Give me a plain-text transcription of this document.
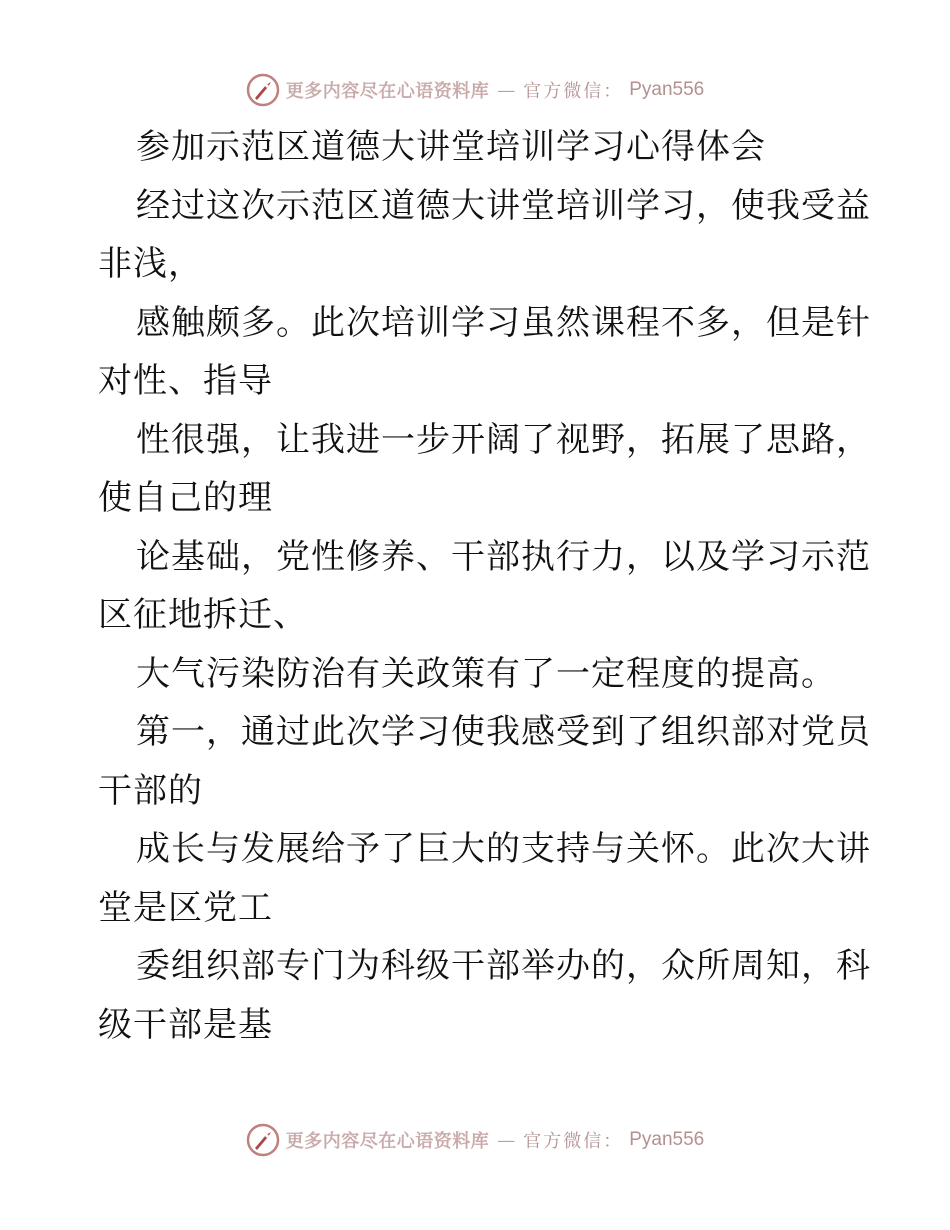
更多内容尽在心语资料库 — 官方微信： Pyan556
参加示范区道德大讲堂培训学习心得体会
经过这次示范区道德大讲堂培训学习，使我受益
非浅，
感触颇多。此次培训学习虽然课程不多，但是针
对性、指导
性很强，让我进一步开阔了视野，拓展了思路，
使自己的理
论基础，党性修养、干部执行力，以及学习示范
区征地拆迁、
大气污染防治有关政策有了一定程度的提高。
第一，通过此次学习使我感受到了组织部对党员
干部的
成长与发展给予了巨大的支持与关怀。此次大讲
堂是区党工
委组织部专门为科级干部举办的，众所周知，科
级干部是基
更多内容尽在心语资料库 — 官方微信： Pyan556
